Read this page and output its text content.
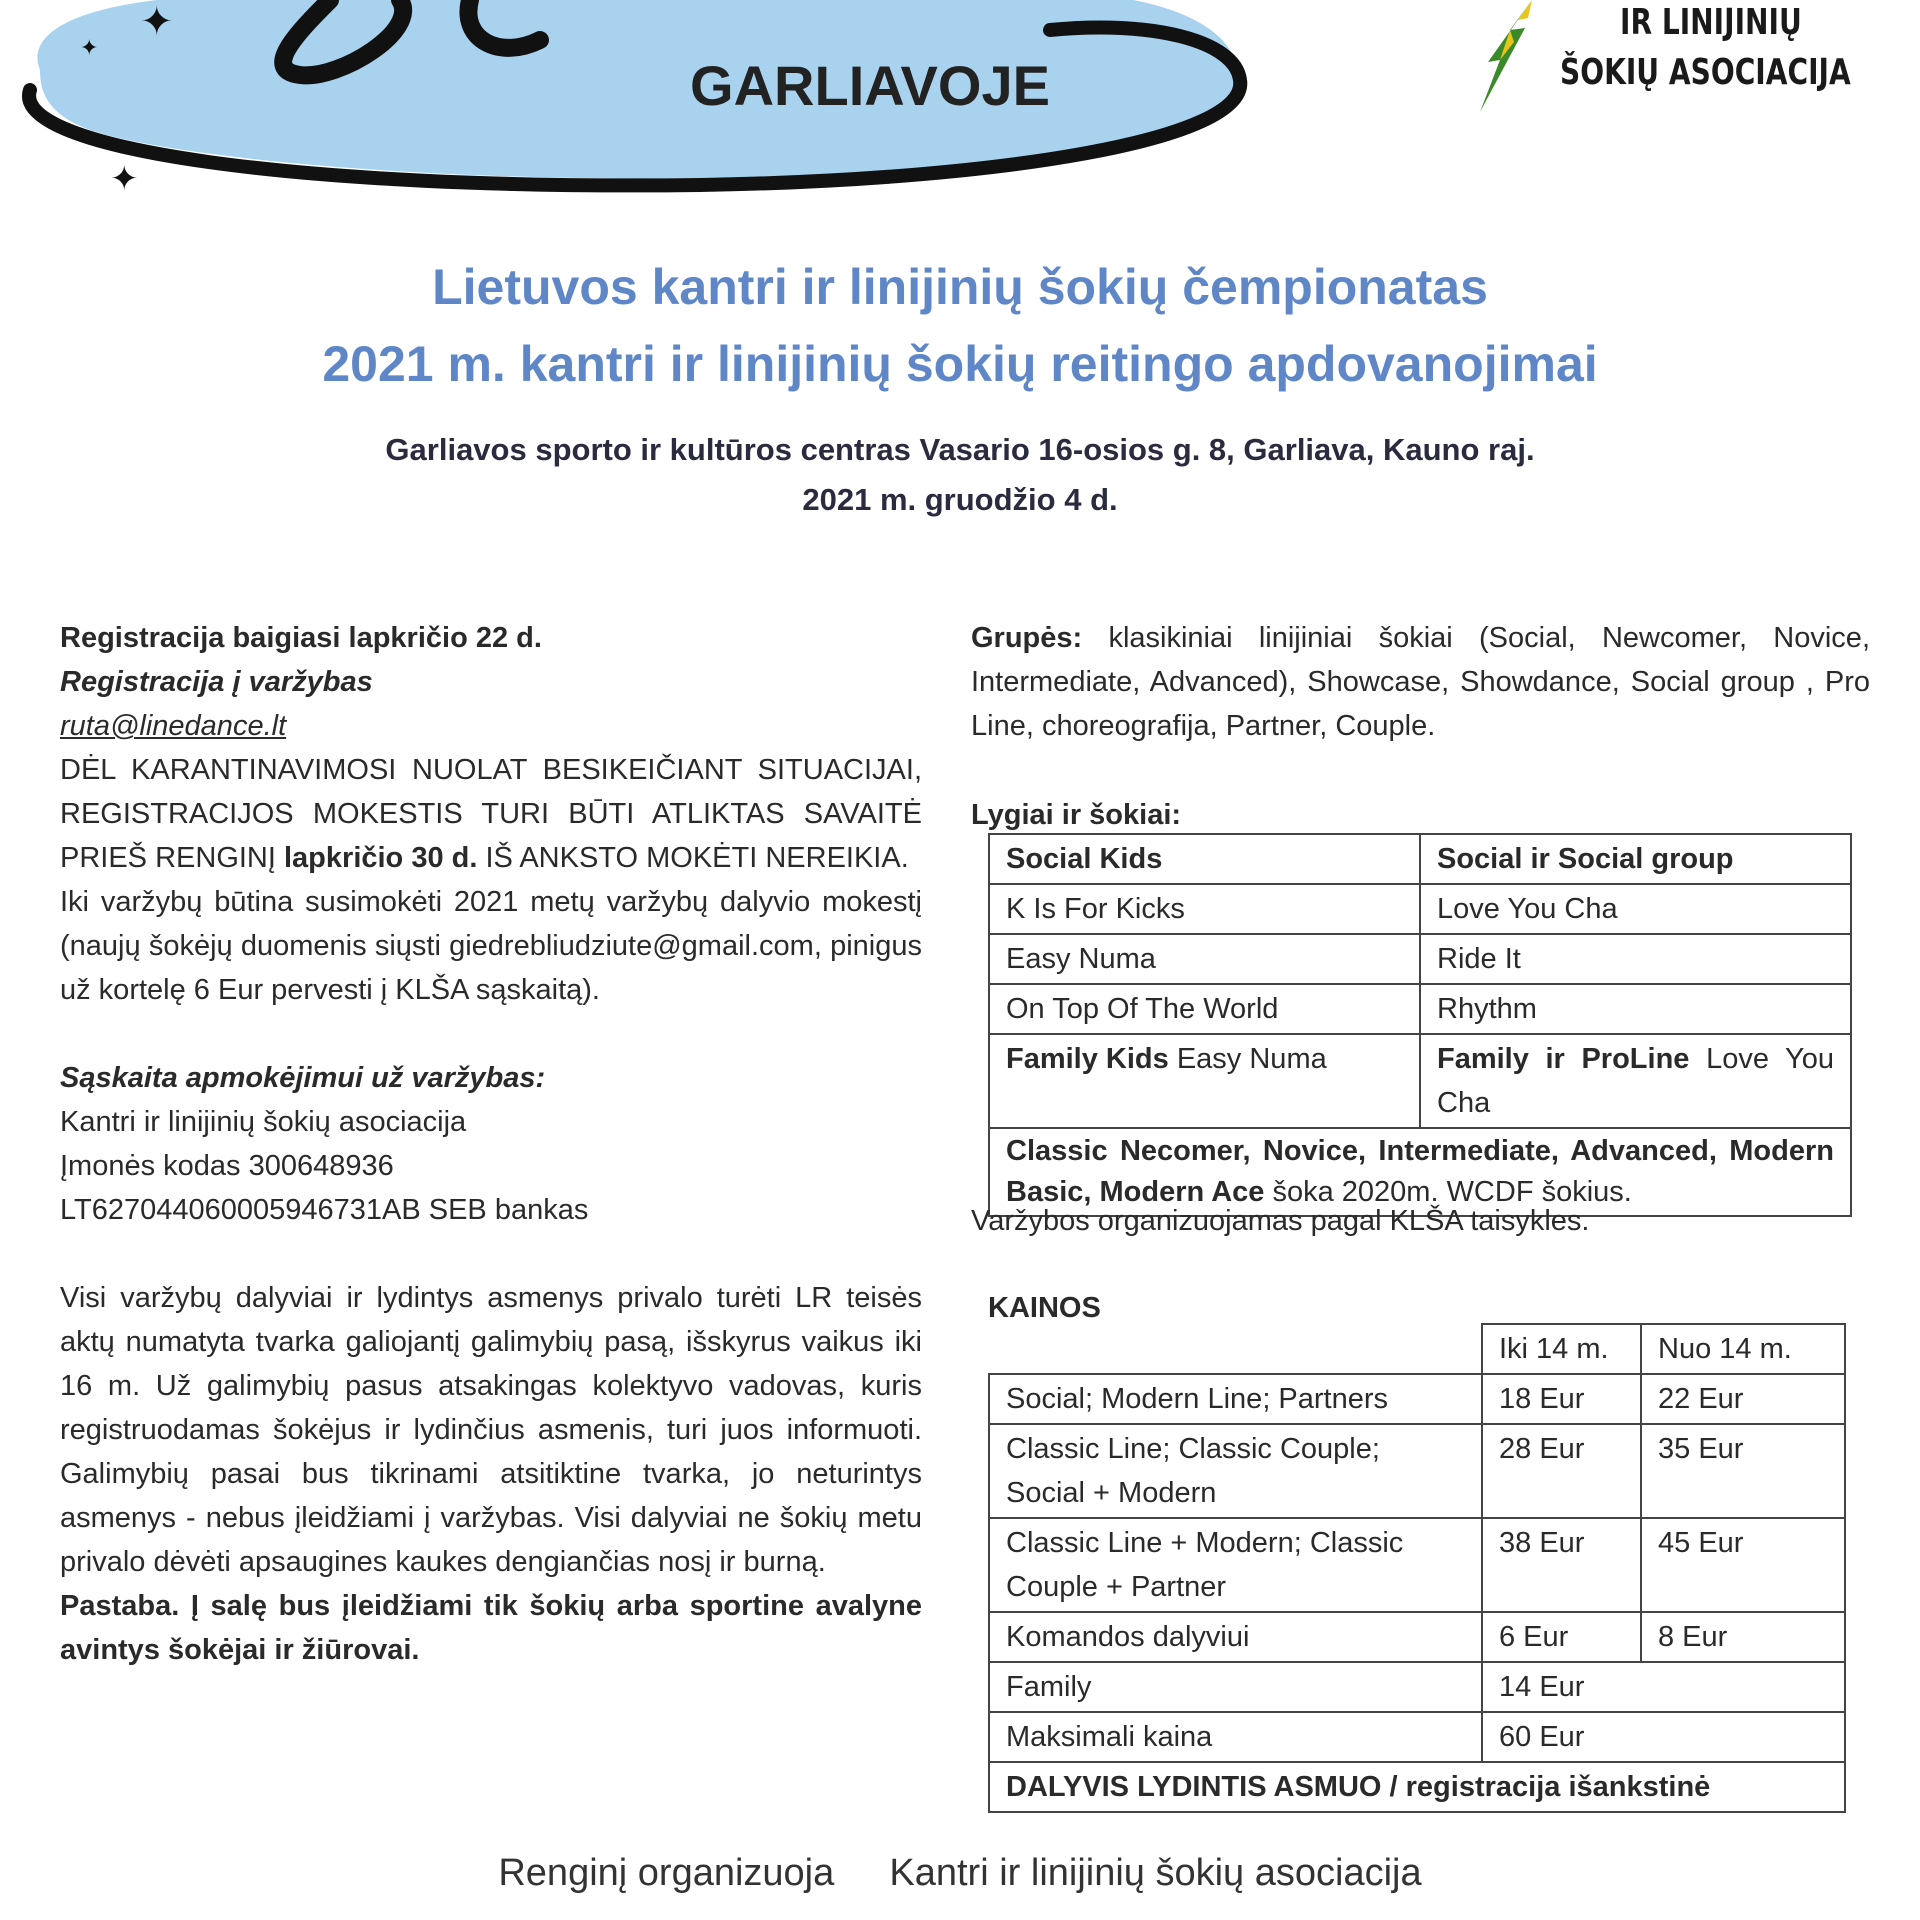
✦
✦
✦
GARLIAVOJE
IR LINIJINIŲ
ŠOKIŲ ASOCIACIJA
Lietuvos kantri ir linijinių šokių čempionatas
2021 m. kantri ir linijinių šokių reitingo apdovanojimai
Garliavos sporto ir kultūros centras Vasario 16-osios g. 8, Garliava, Kauno raj.
2021 m. gruodžio 4 d.

Registracija baigiasi lapkričio 22 d.

Registracija į varžybas

ruta@linedance.lt

DĖL KARANTINAVIMOSI NUOLAT BESIKEIČIANT SITUACIJAI, REGISTRACIJOS MOKESTIS TURI BŪTI ATLIKTAS SAVAITĖ PRIEŠ RENGINĮ lapkričio 30 d. IŠ ANKSTO MOKĖTI NEREIKIA.

Iki varžybų būtina susimokėti 2021 metų varžybų dalyvio mokestį (naujų šokėjų duomenis siųsti giedrebliudziute@gmail.com, pinigus už kortelę 6 Eur pervesti į KLŠA sąskaitą).

Sąskaita apmokėjimui už varžybas:

Kantri ir linijinių šokių asociacija

Įmonės kodas 300648936

LT627044060005946731AB SEB bankas

Visi varžybų dalyviai ir lydintys asmenys privalo turėti LR teisės aktų numatyta tvarka galiojantį galimybių pasą, išskyrus vaikus iki 16 m. Už galimybių pasus atsakingas kolektyvo vadovas, kuris registruodamas šokėjus ir lydinčius asmenis, turi juos informuoti. Galimybių pasai bus tikrinami atsitiktine tvarka, jo neturintys asmenys - nebus įleidžiami į varžybas. Visi dalyviai ne šokių metu privalo dėvėti apsaugines kaukes dengiančias nosį ir burną.

Pastaba. Į salę bus įleidžiami tik šokių arba sportine avalyne avintys šokėjai ir žiūrovai.

Grupės: klasikiniai linijiniai šokiai (Social, Newcomer, Novice, Intermediate, Advanced), Showcase, Showdance, Social group , Pro Line, choreografija, Partner, Couple.
Lygiai ir šokiai:
Social Kids	Social ir Social group
K Is For Kicks	Love You Cha
Easy Numa	Ride It
On Top Of The World	Rhythm
Family Kids Easy Numa	Family ir ProLine Love You Cha
Classic Necomer, Novice, Intermediate, Advanced, Modern Basic, Modern Ace šoka 2020m. WCDF šokius.	
Varžybos organizuojamas pagal KLŠA taisykles.
KAINOS
	Iki 14 m.	Nuo 14 m.
Social; Modern Line; Partners	18 Eur	22 Eur
Classic Line; Classic Couple; Social + Modern	28 Eur	35 Eur
Classic Line + Modern; Classic Couple + Partner	38 Eur	45 Eur
Komandos dalyviui	6 Eur	8 Eur
Family	14 Eur	
Maksimali kaina	60 Eur	
DALYVIS LYDINTIS ASMUO / registracija išankstinė		
Renginį organizuoja Kantri ir linijinių šokių asociacija
